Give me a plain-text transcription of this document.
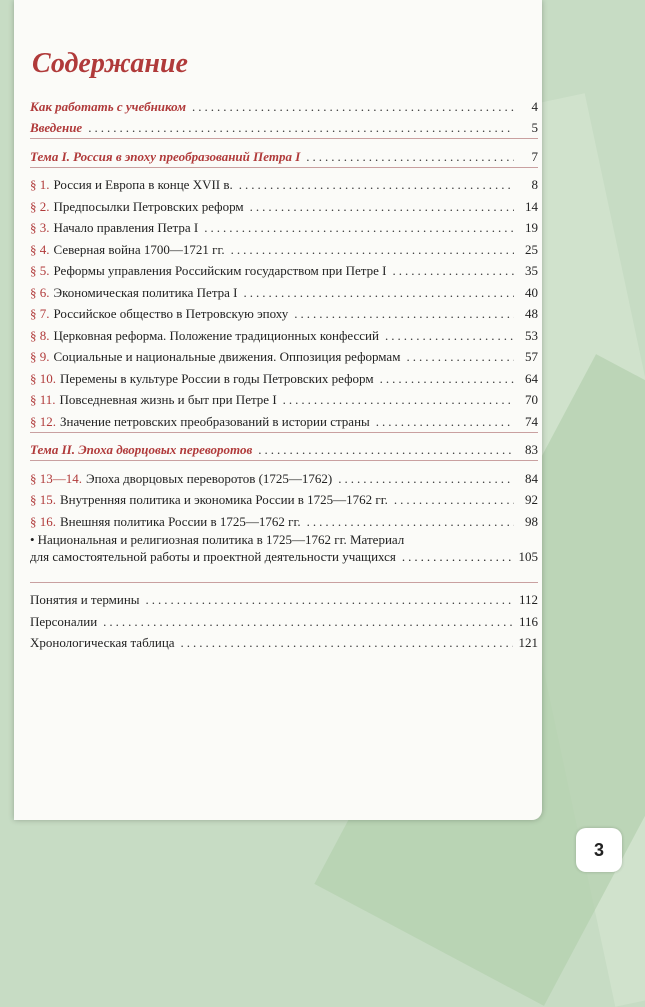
Содержание
Как работать с учебником .....	4
Введение .....	5
Тема I. Россия в эпоху преобразований Петра I .....	7
§ 1. Россия и Европа в конце XVII в. .....	8
§ 2. Предпосылки Петровских реформ .....	14
§ 3. Начало правления Петра I .....	19
§ 4. Северная война 1700—1721 гг. .....	25
§ 5. Реформы управления Российским государством при Петре I .....	35
§ 6. Экономическая политика Петра I .....	40
§ 7. Российское общество в Петровскую эпоху .....	48
§ 8. Церковная реформа. Положение традиционных конфессий .....	53
§ 9. Социальные и национальные движения. Оппозиция реформам .....	57
§ 10. Перемены в культуре России в годы Петровских реформ .....	64
§ 11. Повседневная жизнь и быт при Петре I .....	70
§ 12. Значение петровских преобразований в истории страны .....	74
Тема II. Эпоха дворцовых переворотов .....	83
§ 13—14. Эпоха дворцовых переворотов (1725—1762) .....	84
§ 15. Внутренняя политика и экономика России в 1725—1762 гг. .....	92
§ 16. Внешняя политика России в 1725—1762 гг. .....	98
• Национальная и религиозная политика в 1725—1762 гг. Материал
для самостоятельной работы и проектной деятельности учащихся .....	105
Понятия и термины .....	112
Персоналии .....	116
Хронологическая таблица .....	121
3
